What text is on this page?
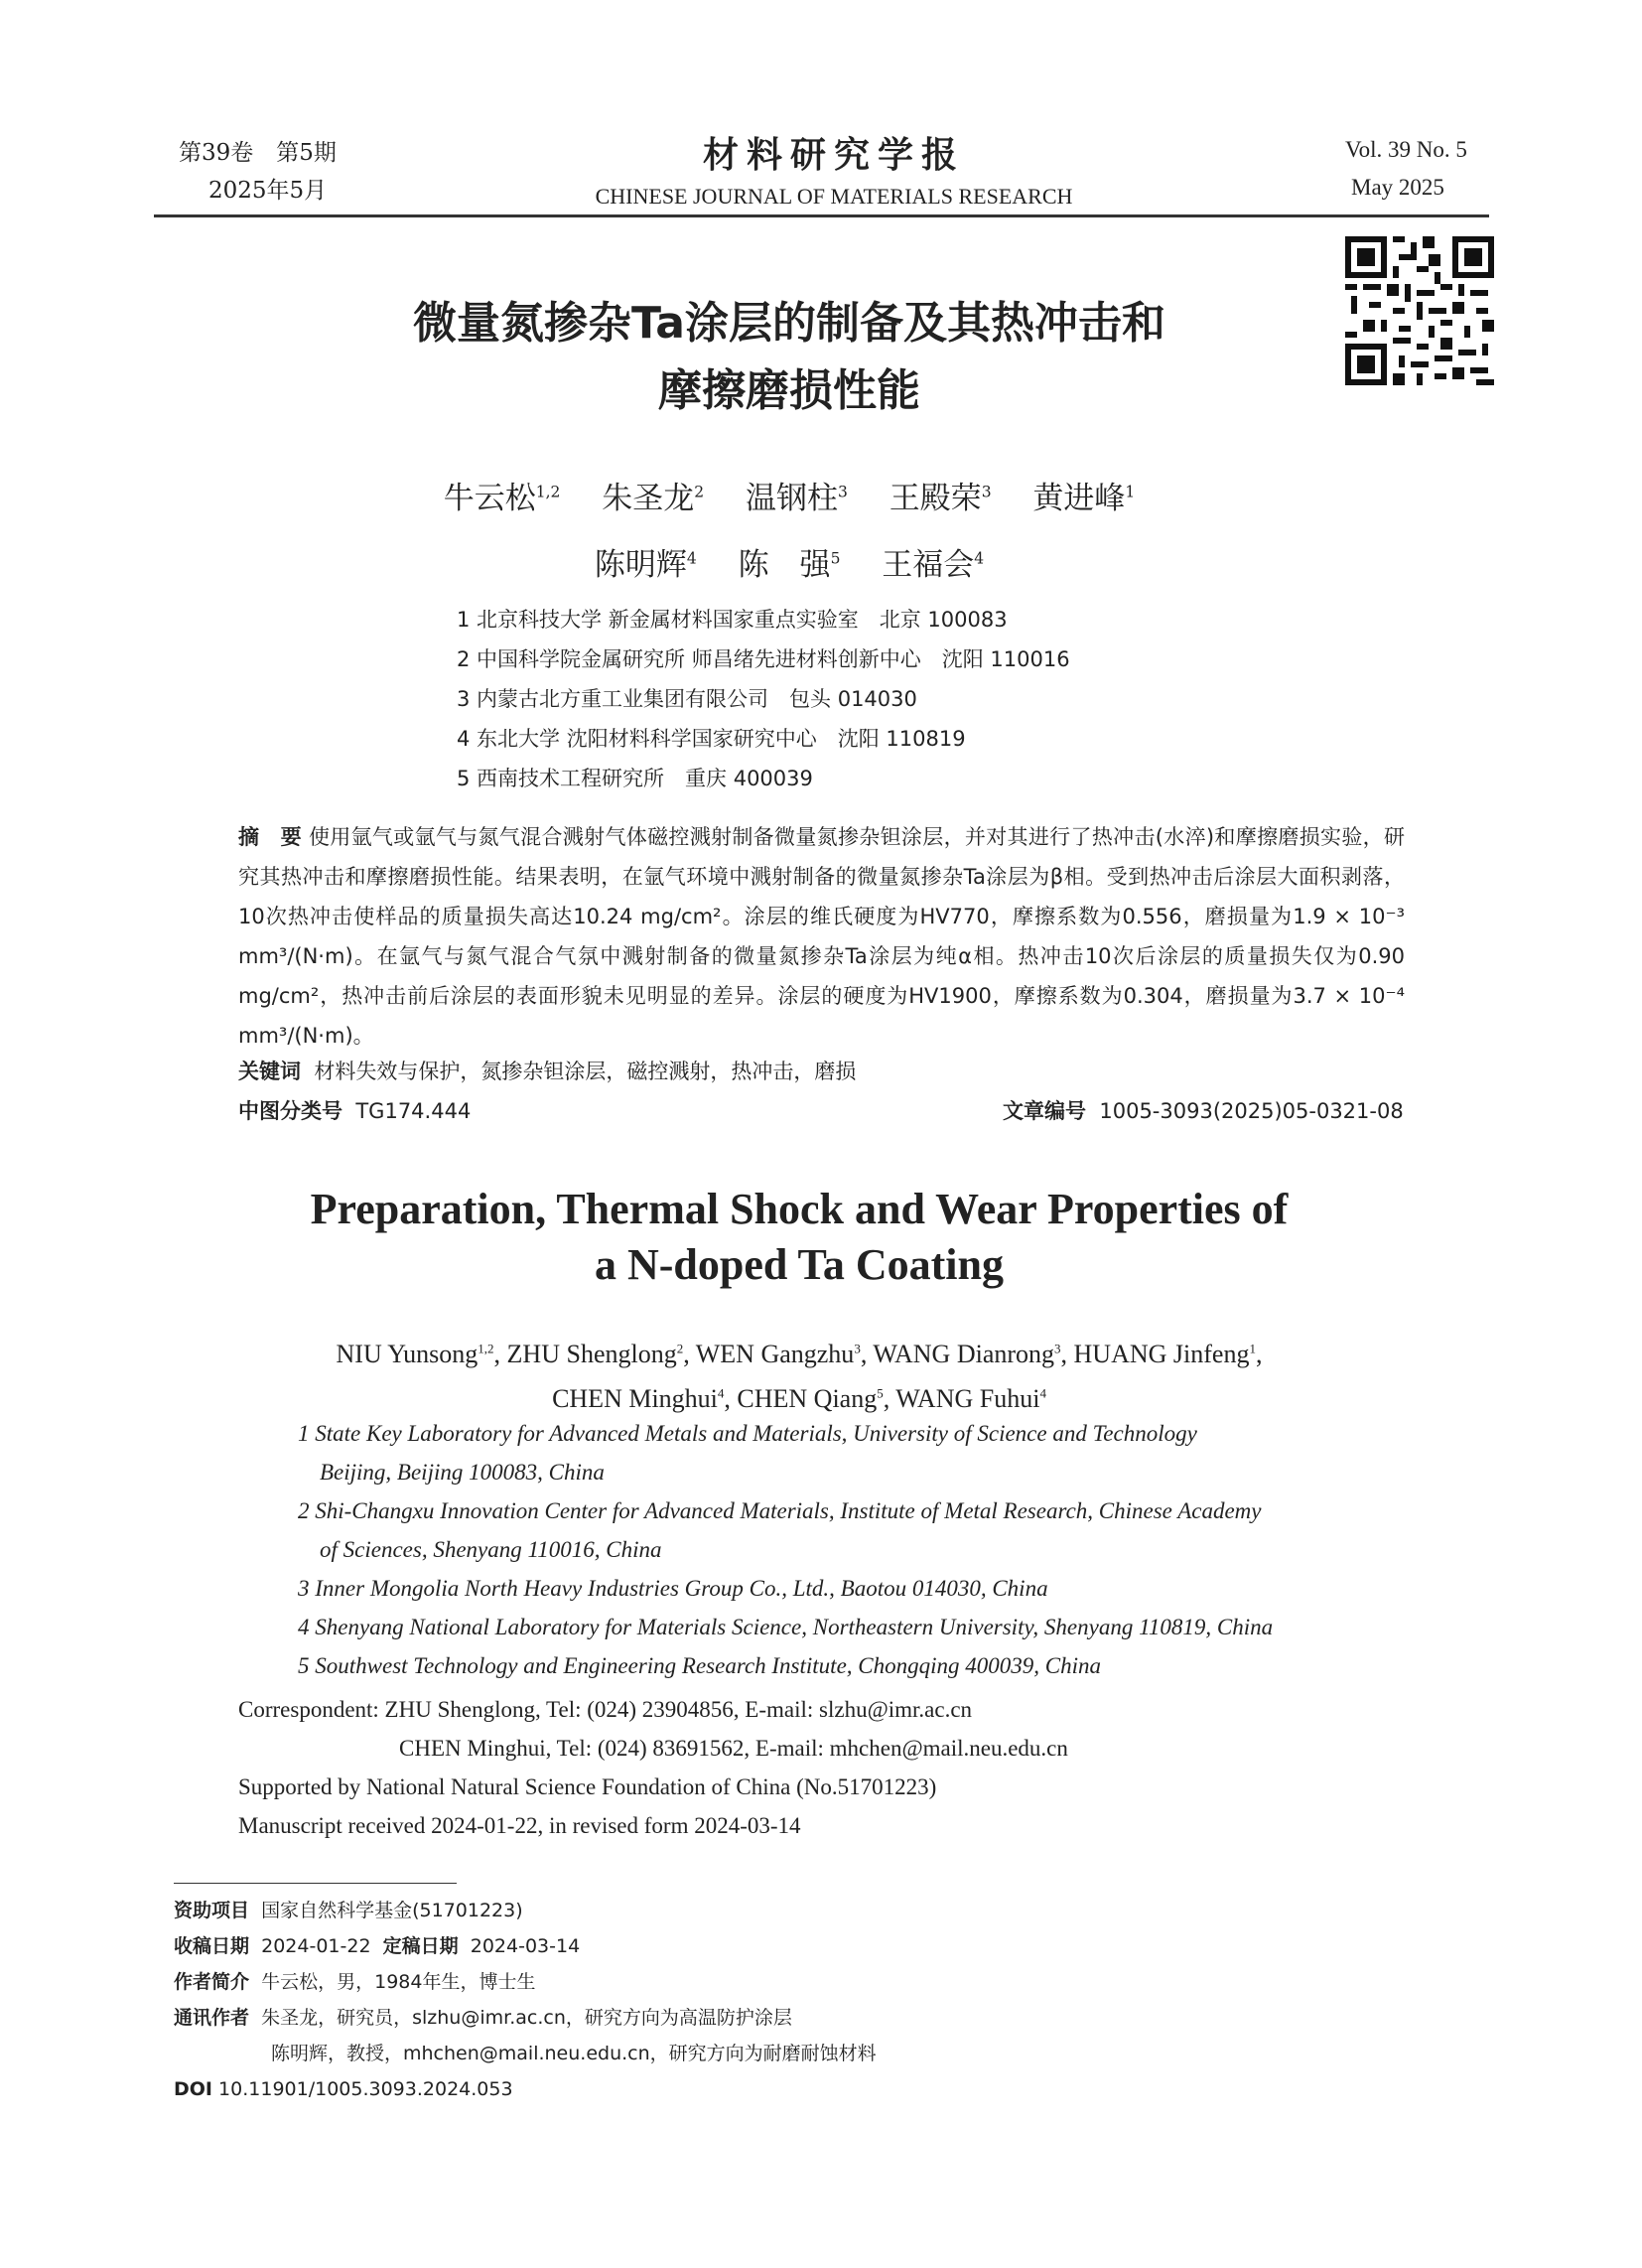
第39卷　第5期
2025年5月
材料研究学报
CHINESE JOURNAL OF MATERIALS RESEARCH
Vol. 39 No. 5
May 2025
微量氮掺杂Ta涂层的制备及其热冲击和
摩擦磨损性能
牛云松$^{1,2}$ 朱圣龙$^2$ 温钢柱$^3$ 王殿荣$^3$ 黄进峰$^1$
陈明辉$^4$ 陈　强$^5$ 王福会$^4$
1 北京科技大学 新金属材料国家重点实验室　北京 100083
2 中国科学院金属研究所 师昌绪先进材料创新中心　沈阳 110016
3 内蒙古北方重工业集团有限公司　包头 014030
4 东北大学 沈阳材料科学国家研究中心　沈阳 110819
5 西南技术工程研究所　重庆 400039
摘　要 使用氩气或氩气与氮气混合溅射气体磁控溅射制备微量氮掺杂钽涂层，并对其进行了热冲击(水淬)和摩擦磨损实验，研究其热冲击和摩擦磨损性能。结果表明，在氩气环境中溅射制备的微量氮掺杂Ta涂层为β相。受到热冲击后涂层大面积剥落，10次热冲击使样品的质量损失高达10.24 mg/cm²。涂层的维氏硬度为HV770，摩擦系数为0.556，磨损量为1.9 × 10⁻³ mm³/(N·m)。在氩气与氮气混合气氛中溅射制备的微量氮掺杂Ta涂层为纯α相。热冲击10次后涂层的质量损失仅为0.90 mg/cm²，热冲击前后涂层的表面形貌未见明显的差异。涂层的硬度为HV1900，摩擦系数为0.304，磨损量为3.7 × 10⁻⁴ mm³/(N·m)。
关键词 材料失效与保护，氮掺杂钽涂层，磁控溅射，热冲击，磨损
中图分类号 TG174.444	文章编号 1005-3093(2025)05-0321-08
Preparation, Thermal Shock and Wear Properties of
a N-doped Ta Coating
NIU Yunsong$^{1,2}$, ZHU Shenglong$^2$, WEN Gangzhu$^3$, WANG Dianrong$^3$, HUANG Jinfeng$^1$,
CHEN Minghui$^4$, CHEN Qiang$^5$, WANG Fuhui$^4$
1 State Key Laboratory for Advanced Metals and Materials, University of Science and Technology
Beijing, Beijing 100083, China
2 Shi-Changxu Innovation Center for Advanced Materials, Institute of Metal Research, Chinese Academy
of Sciences, Shenyang 110016, China
3 Inner Mongolia North Heavy Industries Group Co., Ltd., Baotou 014030, China
4 Shenyang National Laboratory for Materials Science, Northeastern University, Shenyang 110819, China
5 Southwest Technology and Engineering Research Institute, Chongqing 400039, China
Correspondent: ZHU Shenglong, Tel: (024) 23904856, E-mail: slzhu@imr.ac.cn
CHEN Minghui, Tel: (024) 83691562, E-mail: mhchen@mail.neu.edu.cn
Supported by National Natural Science Foundation of China (No.51701223)
Manuscript received 2024-01-22, in revised form 2024-03-14
资助项目 国家自然科学基金(51701223)
收稿日期 2024-01-22 定稿日期 2024-03-14
作者简介 牛云松，男，1984年生，博士生
通讯作者 朱圣龙，研究员，slzhu@imr.ac.cn，研究方向为高温防护涂层
陈明辉，教授，mhchen@mail.neu.edu.cn，研究方向为耐磨耐蚀材料
DOI 10.11901/1005.3093.2024.053
